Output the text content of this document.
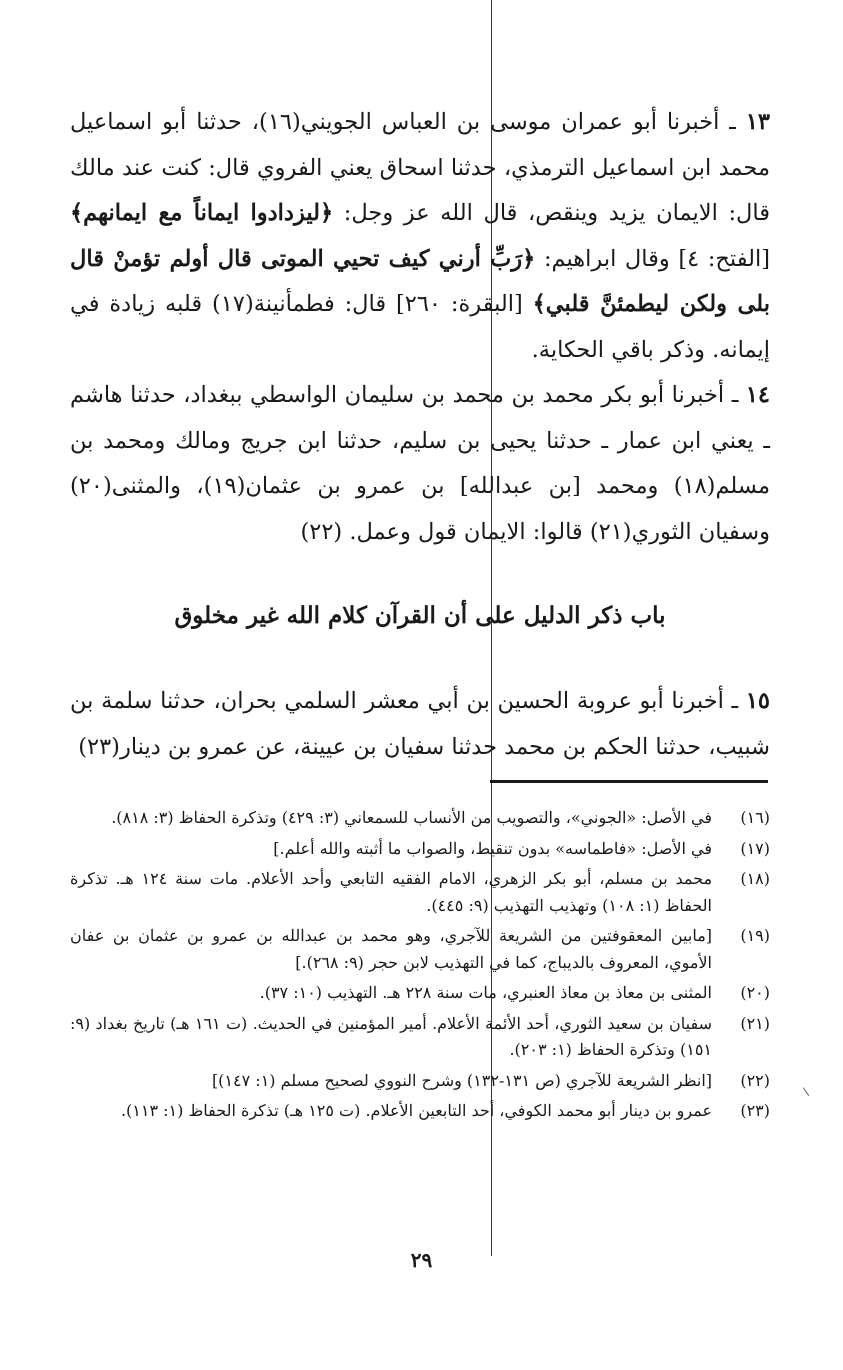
١٣ ـ أخبرنا أبو عمران موسى بن العباس الجويني(١٦)، حدثنا أبو اسماعيل محمد ابن اسماعيل الترمذي، حدثنا اسحاق يعني الفروي قال: كنت عند مالك قال: الايمان يزيد وينقص، قال الله عز وجل: ﴿ليزدادوا ايماناً مع ايمانهم﴾ [الفتح: ٤] وقال ابراهيم: ﴿رَبِّ أرني كيف تحيي الموتى قال أولم تؤمنْ قال بلى ولكن ليطمئنَّ قلبي﴾ [البقرة: ٢٦٠] قال: فطمأنينة(١٧) قلبه زيادة في إيمانه. وذكر باقي الحكاية.

١٤ ـ أخبرنا أبو بكر محمد بن محمد بن سليمان الواسطي ببغداد، حدثنا هاشم ـ يعني ابن عمار ـ حدثنا يحيى بن سليم، حدثنا ابن جريج ومالك ومحمد بن مسلم(١٨) ومحمد [بن عبدالله] بن عمرو بن عثمان(١٩)، والمثنى(٢٠) وسفيان الثوري(٢١) قالوا: الايمان قول وعمل. (٢٢)

باب ذكر الدليل على أن القرآن كلام الله غير مخلوق

١٥ ـ أخبرنا أبو عروبة الحسين بن أبي معشر السلمي بحران، حدثنا سلمة بن شبيب، حدثنا الحكم بن محمد حدثنا سفيان بن عيينة، عن عمرو بن دينار(٢٣)

(١٦)
في الأصل: «الجوني»، والتصويب من الأنساب للسمعاني (٣: ٤٢٩) وتذكرة الحفاظ (٣: ٨١٨).

(١٧)
في الأصل: «فاطماسه» بدون تنقيط، والصواب ما أثبته والله أعلم.]

(١٨)
محمد بن مسلم، أبو بكر الزهري، الامام الفقيه التابعي وأحد الأعلام. مات سنة ١٢٤ هـ. تذكرة الحفاظ (١: ١٠٨) وتهذيب التهذيب (٩: ٤٤٥).

(١٩)
[مابين المعقوفتين من الشريعة للآجري، وهو محمد بن عبدالله بن عمرو بن عثمان بن عفان الأموي، المعروف بالديباج، كما في التهذيب لابن حجر (٩: ٢٦٨).]

(٢٠)
المثنى بن معاذ بن معاذ العنبري، مات سنة ٢٢٨ هـ. التهذيب (١٠: ٣٧).

(٢١)
سفيان بن سعيد الثوري، أحد الأئمة الأعلام. أمير المؤمنين في الحديث. (ت ١٦١ هـ) تاريخ بغداد (٩: ١٥١) وتذكرة الحفاظ (١: ٢٠٣).

(٢٢)
[انظر الشريعة للآجري (ص ١٣١-١٣٢) وشرح النووي لصحيح مسلم (١: ١٤٧)]

(٢٣)
عمرو بن دينار أبو محمد الكوفي، أحد التابعين الأعلام. (ت ١٢٥ هـ) تذكرة الحفاظ (١: ١١٣).

٢٩
